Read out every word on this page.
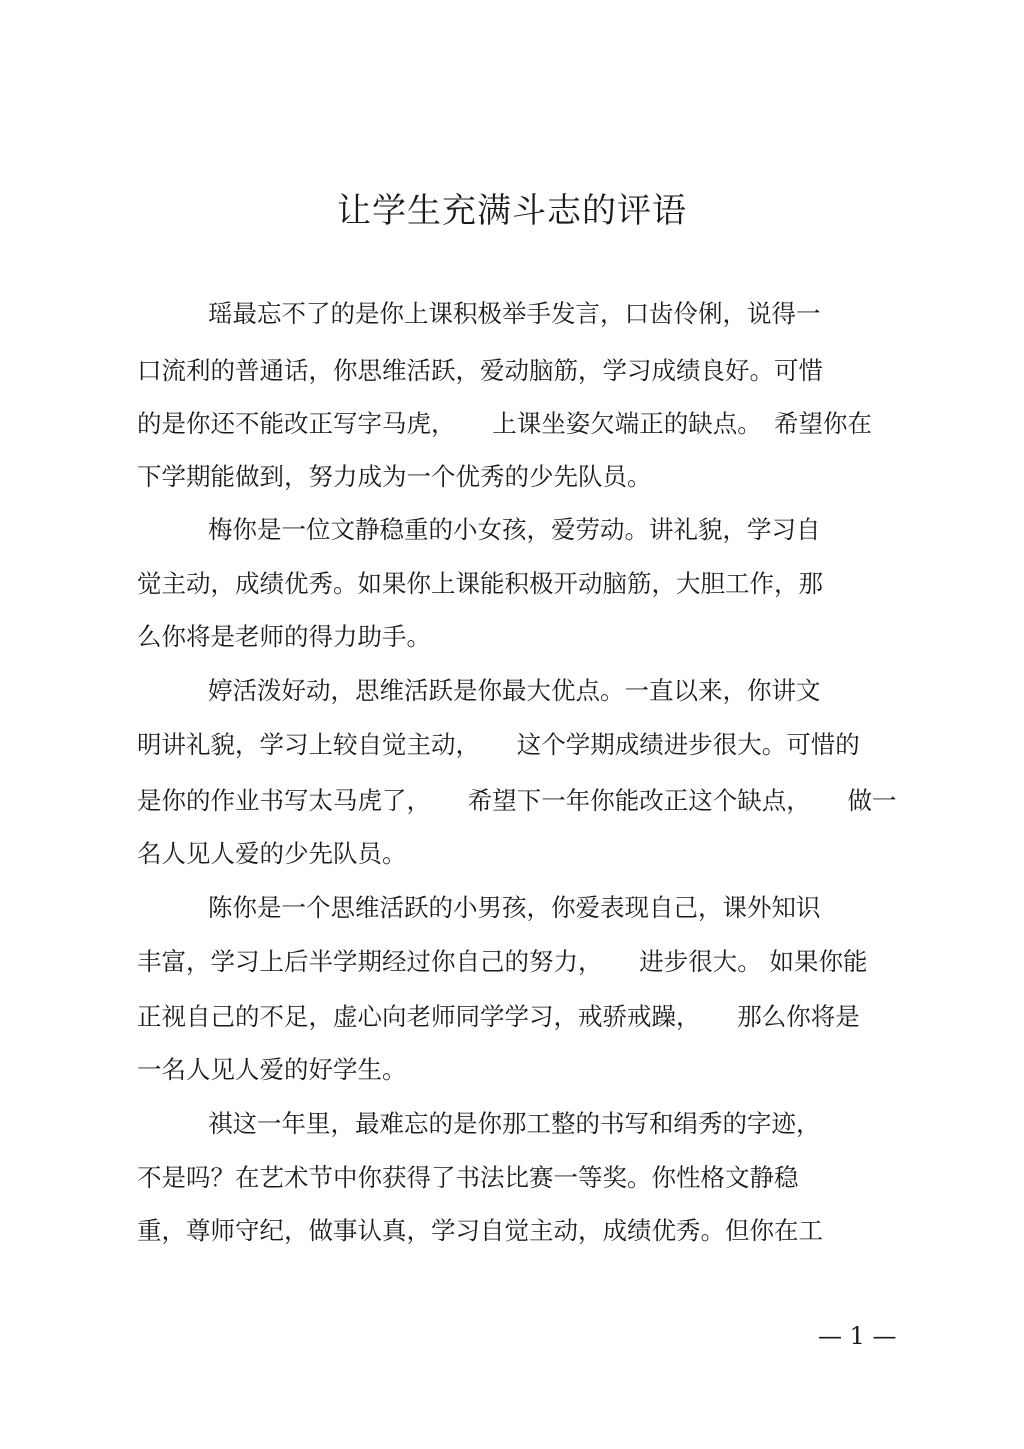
让学生充满斗志的评语
瑶最忘不了的是你上课积极举手发言，口齿伶俐，说得一
口流利的普通话，你思维活跃，爱动脑筋，学习成绩良好。可惜
的是你还不能改正写字马虎，　　上课坐姿欠端正的缺点。　希望你在
下学期能做到，努力成为一个优秀的少先队员。
梅你是一位文静稳重的小女孩，爱劳动。讲礼貌，学习自
觉主动，成绩优秀。如果你上课能积极开动脑筋，大胆工作，那
么你将是老师的得力助手。
婷活泼好动，思维活跃是你最大优点。一直以来，你讲文
明讲礼貌，学习上较自觉主动，　　这个学期成绩进步很大。可惜的
是你的作业书写太马虎了，　　希望下一年你能改正这个缺点，　　做一
名人见人爱的少先队员。
陈你是一个思维活跃的小男孩，你爱表现自己，课外知识
丰富，学习上后半学期经过你自己的努力，　　进步很大。 如果你能
正视自己的不足，虚心向老师同学学习，戒骄戒躁，　　那么你将是
一名人见人爱的好学生。
祺这一年里，最难忘的是你那工整的书写和绢秀的字迹，
不是吗？在艺术节中你获得了书法比赛一等奖。你性格文静稳
重，尊师守纪，做事认真，学习自觉主动，成绩优秀。但你在工
— 1 —
